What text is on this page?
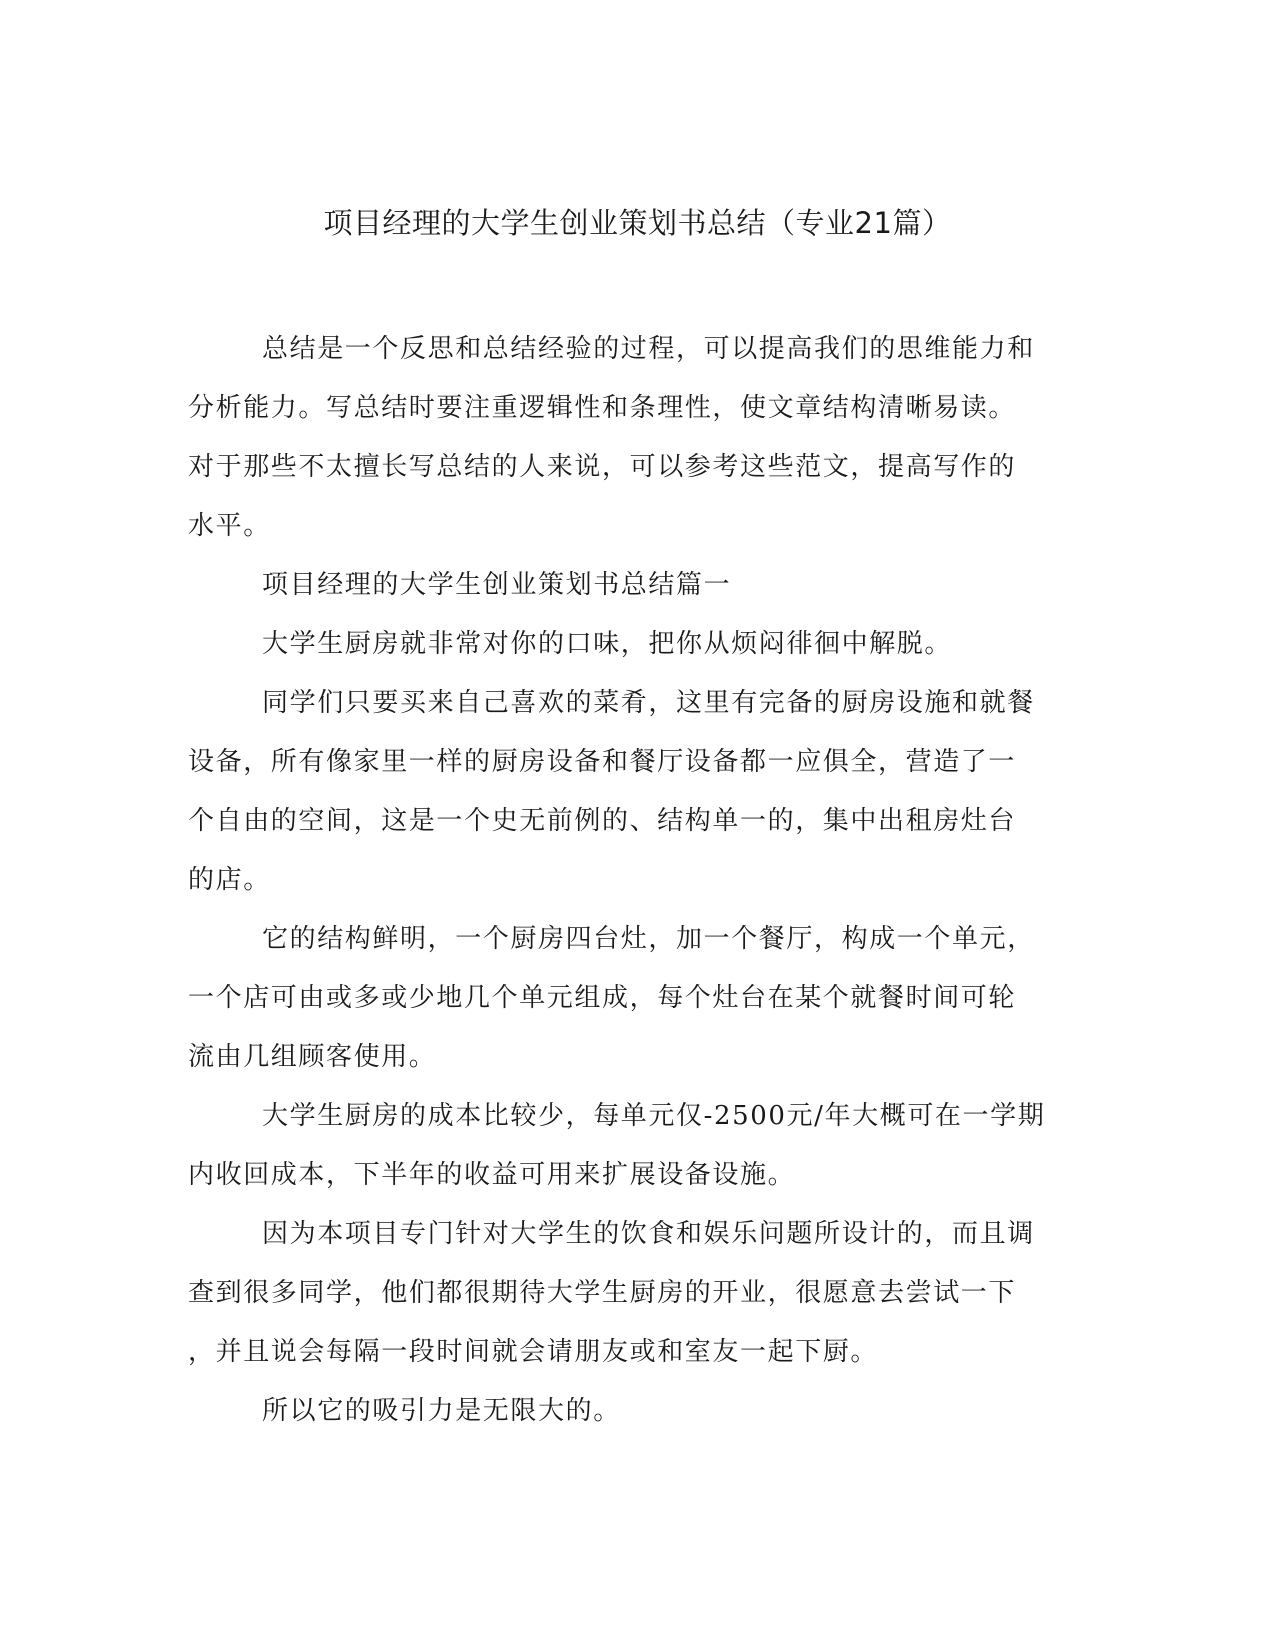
项目经理的大学生创业策划书总结（专业21篇）
总结是一个反思和总结经验的过程，可以提高我们的思维能力和
分析能力。写总结时要注重逻辑性和条理性，使文章结构清晰易读。
对于那些不太擅长写总结的人来说，可以参考这些范文，提高写作的
水平。
项目经理的大学生创业策划书总结篇一
大学生厨房就非常对你的口味，把你从烦闷徘徊中解脱。
同学们只要买来自己喜欢的菜肴，这里有完备的厨房设施和就餐
设备，所有像家里一样的厨房设备和餐厅设备都一应俱全，营造了一
个自由的空间，这是一个史无前例的、结构单一的，集中出租房灶台
的店。
它的结构鲜明，一个厨房四台灶，加一个餐厅，构成一个单元，
一个店可由或多或少地几个单元组成，每个灶台在某个就餐时间可轮
流由几组顾客使用。
大学生厨房的成本比较少，每单元仅-2500元/年大概可在一学期
内收回成本，下半年的收益可用来扩展设备设施。
因为本项目专门针对大学生的饮食和娱乐问题所设计的，而且调
查到很多同学，他们都很期待大学生厨房的开业，很愿意去尝试一下
，并且说会每隔一段时间就会请朋友或和室友一起下厨。
所以它的吸引力是无限大的。
